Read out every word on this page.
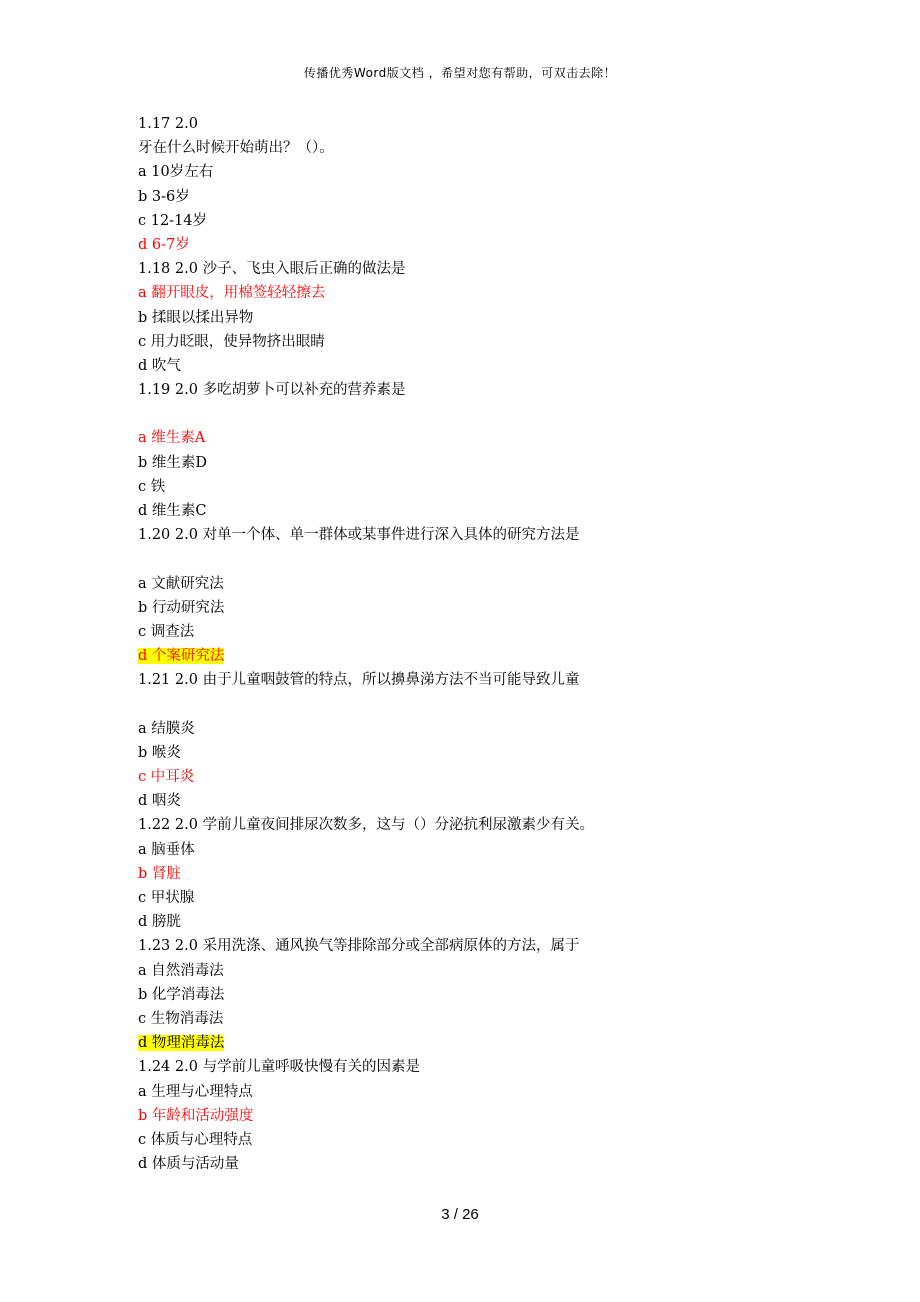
传播优秀Word版文档 ，希望对您有帮助，可双击去除！
1.17 2.0
牙在什么时候开始萌出？（）。
a 10岁左右
b 3-6岁
c 12-14岁
d 6-7岁
1.18 2.0 沙子、飞虫入眼后正确的做法是
a 翻开眼皮，用棉签轻轻擦去
b 揉眼以揉出异物
c 用力眨眼，使异物挤出眼睛
d 吹气
1.19 2.0 多吃胡萝卜可以补充的营养素是
a 维生素A
b 维生素D
c 铁
d 维生素C
1.20 2.0 对单一个体、单一群体或某事件进行深入具体的研究方法是
a 文献研究法
b 行动研究法
c 调查法
d 个案研究法
1.21 2.0 由于儿童咽鼓管的特点，所以擤鼻涕方法不当可能导致儿童
a 结膜炎
b 喉炎
c 中耳炎
d 咽炎
1.22 2.0 学前儿童夜间排尿次数多，这与（）分泌抗利尿激素少有关。
a 脑垂体
b 肾脏
c 甲状腺
d 膀胱
1.23 2.0 采用洗涤、通风换气等排除部分或全部病原体的方法，属于
a 自然消毒法
b 化学消毒法
c 生物消毒法
d 物理消毒法
1.24 2.0 与学前儿童呼吸快慢有关的因素是
a 生理与心理特点
b 年龄和活动强度
c 体质与心理特点
d 体质与活动量
3 / 26
